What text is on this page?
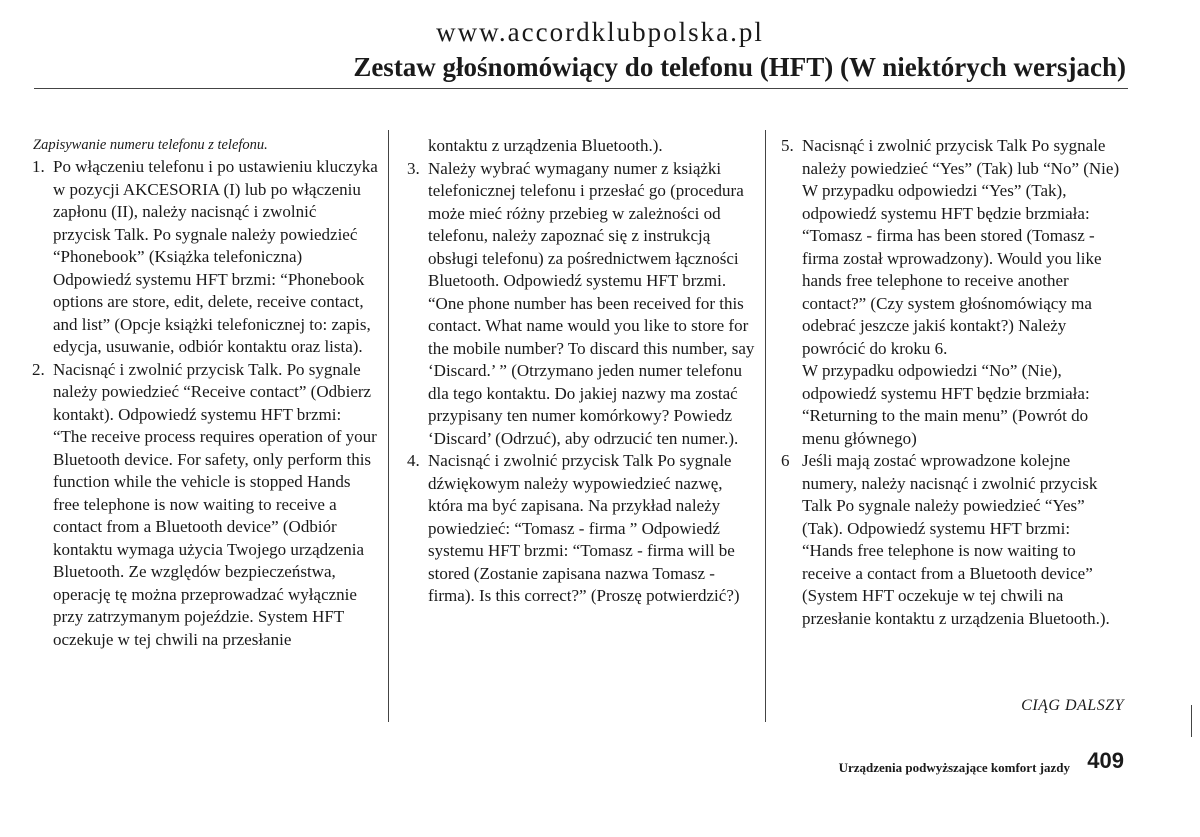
www.accordklubpolska.pl
Zestaw głośnomówiący do telefonu (HFT) (W niektórych wersjach)

Zapisywanie numeru telefonu z telefonu.

1. Po włączeniu telefonu i po ustawieniu kluczyka w pozycji AKCESORIA (I) lub po włączeniu zapłonu (II), należy nacisnąć i zwolnić przycisk Talk. Po sygnale należy powiedzieć “Phonebook” (Książka telefoniczna) Odpowiedź systemu HFT brzmi: “Phonebook options are store, edit, delete, receive contact, and list” (Opcje książki telefonicznej to: zapis, edycja, usuwanie, odbiór kontaktu oraz lista).

2. Nacisnąć i zwolnić przycisk Talk. Po sygnale należy powiedzieć “Receive contact” (Odbierz kontakt). Odpowiedź systemu HFT brzmi: “The receive process requires operation of your Bluetooth device. For safety, only perform this function while the vehicle is stopped Hands free telephone is now waiting to receive a contact from a Bluetooth device” (Odbiór kontaktu wymaga użycia Twojego urządzenia Bluetooth. Ze względów bezpieczeństwa, operację tę można przeprowadzać wyłącznie przy zatrzymanym pojeździe. System HFT oczekuje w tej chwili na przesłanie

kontaktu z urządzenia Bluetooth.).

3. Należy wybrać wymagany numer z książki telefonicznej telefonu i przesłać go (procedura może mieć różny przebieg w zależności od telefonu, należy zapoznać się z instrukcją obsługi telefonu) za pośrednictwem łączności Bluetooth. Odpowiedź systemu HFT brzmi. “One phone number has been received for this contact. What name would you like to store for the mobile number? To discard this number, say ‘Discard.’ ” (Otrzymano jeden numer telefonu dla tego kontaktu. Do jakiej nazwy ma zostać przypisany ten numer komórkowy? Powiedz ‘Discard’ (Odrzuć), aby odrzucić ten numer.).

4. Nacisnąć i zwolnić przycisk Talk Po sygnale dźwiękowym należy wypowiedzieć nazwę, która ma być zapisana. Na przykład należy powiedzieć: “Tomasz - firma ” Odpowiedź systemu HFT brzmi: “Tomasz - firma will be stored (Zostanie zapisana nazwa Tomasz - firma). Is this correct?” (Proszę potwierdzić?)

5. Nacisnąć i zwolnić przycisk Talk Po sygnale należy powiedzieć “Yes” (Tak) lub “No” (Nie) W przypadku odpowiedzi “Yes” (Tak), odpowiedź systemu HFT będzie brzmiała: “Tomasz - firma has been stored (Tomasz - firma został wprowadzony). Would you like hands free telephone to receive another contact?” (Czy system głośnomówiący ma odebrać jeszcze jakiś kontakt?) Należy powrócić do kroku 6.

W przypadku odpowiedzi “No” (Nie), odpowiedź systemu HFT będzie brzmiała: “Returning to the main menu” (Powrót do menu głównego)

6 Jeśli mają zostać wprowadzone kolejne numery, należy nacisnąć i zwolnić przycisk Talk Po sygnale należy powiedzieć “Yes” (Tak). Odpowiedź systemu HFT brzmi: “Hands free telephone is now waiting to receive a contact from a Bluetooth device” (System HFT oczekuje w tej chwili na przesłanie kontaktu z urządzenia Bluetooth.).

CIĄG DALSZY
Urządzenia podwyższające komfort jazdy 409
